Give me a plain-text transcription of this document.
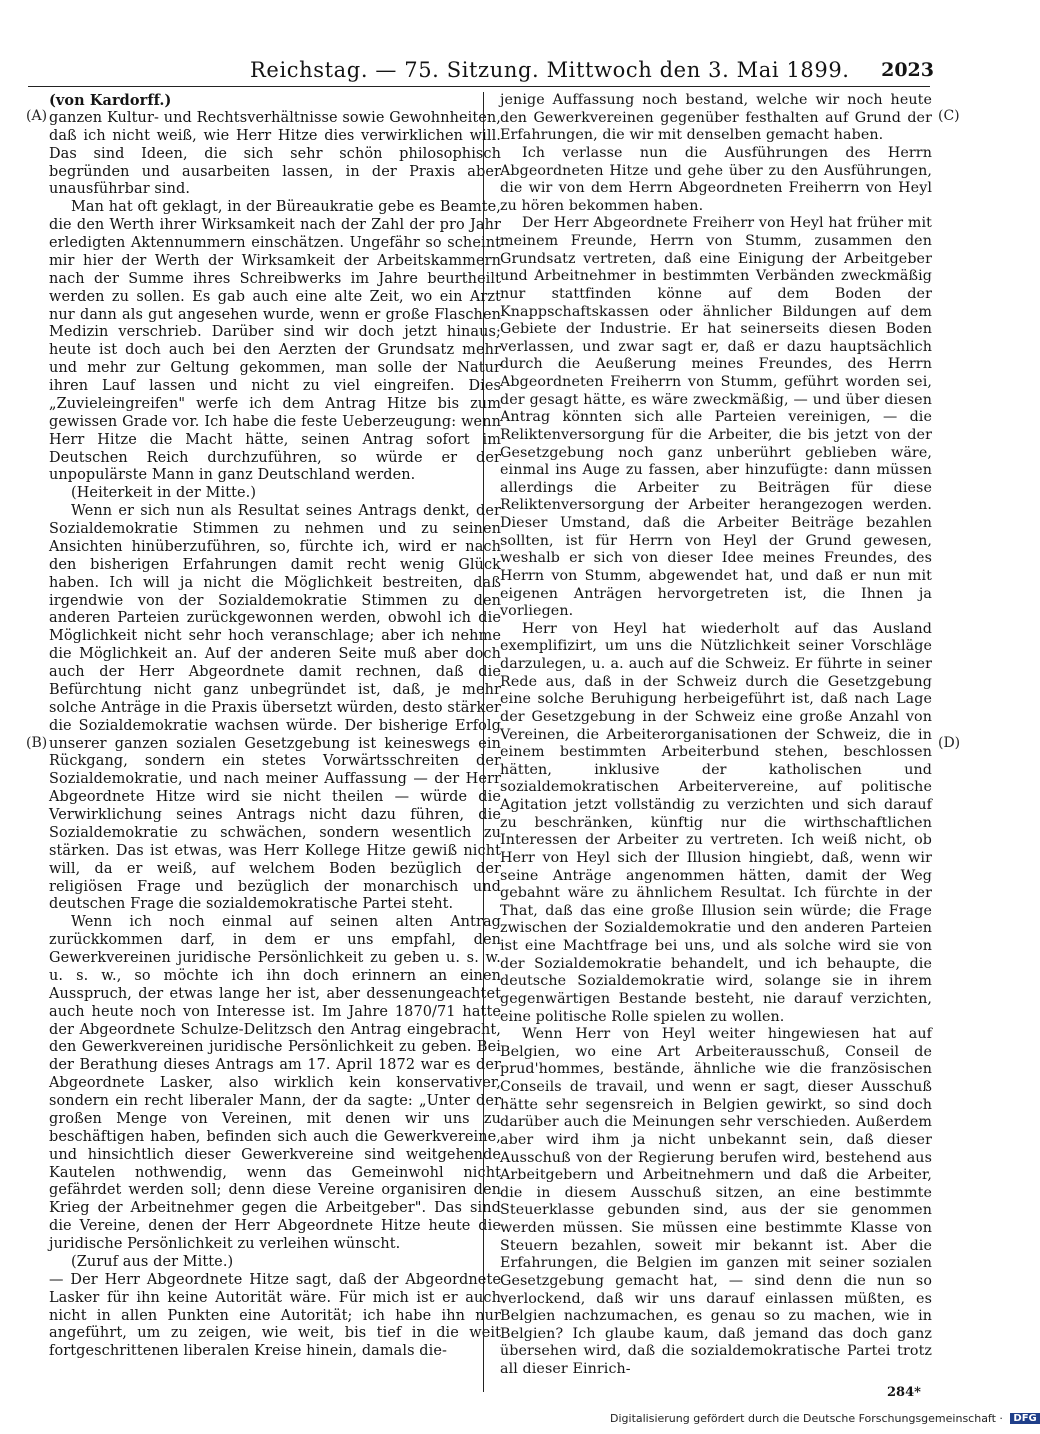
Reichstag. — 75. Sitzung. Mittwoch den 3. Mai 1899. 2023
(A)
(B)
(C)
(D)

(von Kardorff.)

ganzen Kultur- und Rechtsverhältnisse sowie Gewohnheiten, daß ich nicht weiß, wie Herr Hitze dies verwirklichen will. Das sind Ideen, die sich sehr schön philosophisch begründen und ausarbeiten lassen, in der Praxis aber unausführbar sind.

Man hat oft geklagt, in der Büreaukratie gebe es Beamte, die den Werth ihrer Wirksamkeit nach der Zahl der pro Jahr erledigten Aktennummern einschätzen. Ungefähr so scheint mir hier der Werth der Wirksamkeit der Arbeitskammern nach der Summe ihres Schreibwerks im Jahre beurtheilt werden zu sollen. Es gab auch eine alte Zeit, wo ein Arzt nur dann als gut angesehen wurde, wenn er große Flaschen Medizin verschrieb. Darüber sind wir doch jetzt hinaus; heute ist doch auch bei den Aerzten der Grundsatz mehr und mehr zur Geltung gekommen, man solle der Natur ihren Lauf lassen und nicht zu viel eingreifen. Dies „Zuvieleingreifen" werfe ich dem Antrag Hitze bis zum gewissen Grade vor. Ich habe die feste Ueberzeugung: wenn Herr Hitze die Macht hätte, seinen Antrag sofort im Deutschen Reich durchzuführen, so würde er der unpopulärste Mann in ganz Deutschland werden.

(Heiterkeit in der Mitte.)

Wenn er sich nun als Resultat seines Antrags denkt, der Sozialdemokratie Stimmen zu nehmen und zu seinen Ansichten hinüberzuführen, so, fürchte ich, wird er nach den bisherigen Erfahrungen damit recht wenig Glück haben. Ich will ja nicht die Möglichkeit bestreiten, daß irgendwie von der Sozialdemokratie Stimmen zu den anderen Parteien zurückgewonnen werden, obwohl ich die Möglichkeit nicht sehr hoch veranschlage; aber ich nehme die Möglichkeit an. Auf der anderen Seite muß aber doch auch der Herr Abgeordnete damit rechnen, daß die Befürchtung nicht ganz unbegründet ist, daß, je mehr solche Anträge in die Praxis übersetzt würden, desto stärker die Sozialdemokratie wachsen würde. Der bisherige Erfolg unserer ganzen sozialen Gesetzgebung ist keineswegs ein Rückgang, sondern ein stetes Vorwärtsschreiten der Sozialdemokratie, und nach meiner Auffassung — der Herr Abgeordnete Hitze wird sie nicht theilen — würde die Verwirklichung seines Antrags nicht dazu führen, die Sozialdemokratie zu schwächen, sondern wesentlich zu stärken. Das ist etwas, was Herr Kollege Hitze gewiß nicht will, da er weiß, auf welchem Boden bezüglich der religiösen Frage und bezüglich der monarchisch und deutschen Frage die sozialdemokratische Partei steht.

Wenn ich noch einmal auf seinen alten Antrag zurückkommen darf, in dem er uns empfahl, den Gewerkvereinen juridische Persönlichkeit zu geben u. s. w. u. s. w., so möchte ich ihn doch erinnern an einen Ausspruch, der etwas lange her ist, aber dessenungeachtet auch heute noch von Interesse ist. Im Jahre 1870/71 hatte der Abgeordnete Schulze-Delitzsch den Antrag eingebracht, den Gewerkvereinen juridische Persönlichkeit zu geben. Bei der Berathung dieses Antrags am 17. April 1872 war es der Abgeordnete Lasker, also wirklich kein konservativer, sondern ein recht liberaler Mann, der da sagte: „Unter der großen Menge von Vereinen, mit denen wir uns zu beschäftigen haben, befinden sich auch die Gewerkvereine, und hinsichtlich dieser Gewerkvereine sind weitgehende Kautelen nothwendig, wenn das Gemeinwohl nicht gefährdet werden soll; denn diese Vereine organisiren den Krieg der Arbeitnehmer gegen die Arbeitgeber". Das sind die Vereine, denen der Herr Abgeordnete Hitze heute die juridische Persönlichkeit zu verleihen wünscht.

(Zuruf aus der Mitte.)

— Der Herr Abgeordnete Hitze sagt, daß der Abgeordnete Lasker für ihn keine Autorität wäre. Für mich ist er auch nicht in allen Punkten eine Autorität; ich habe ihn nur angeführt, um zu zeigen, wie weit, bis tief in die weit fortgeschrittenen liberalen Kreise hinein, damals die-

jenige Auffassung noch bestand, welche wir noch heute den Gewerkvereinen gegenüber festhalten auf Grund der Erfahrungen, die wir mit denselben gemacht haben.

Ich verlasse nun die Ausführungen des Herrn Abgeordneten Hitze und gehe über zu den Ausführungen, die wir von dem Herrn Abgeordneten Freiherrn von Heyl zu hören bekommen haben.

Der Herr Abgeordnete Freiherr von Heyl hat früher mit meinem Freunde, Herrn von Stumm, zusammen den Grundsatz vertreten, daß eine Einigung der Arbeitgeber und Arbeitnehmer in bestimmten Verbänden zweckmäßig nur stattfinden könne auf dem Boden der Knappschaftskassen oder ähnlicher Bildungen auf dem Gebiete der Industrie. Er hat seinerseits diesen Boden verlassen, und zwar sagt er, daß er dazu hauptsächlich durch die Aeußerung meines Freundes, des Herrn Abgeordneten Freiherrn von Stumm, geführt worden sei, der gesagt hätte, es wäre zweckmäßig, — und über diesen Antrag könnten sich alle Parteien vereinigen, — die Reliktenversorgung für die Arbeiter, die bis jetzt von der Gesetzgebung noch ganz unberührt geblieben wäre, einmal ins Auge zu fassen, aber hinzufügte: dann müssen allerdings die Arbeiter zu Beiträgen für diese Reliktenversorgung der Arbeiter herangezogen werden. Dieser Umstand, daß die Arbeiter Beiträge bezahlen sollten, ist für Herrn von Heyl der Grund gewesen, weshalb er sich von dieser Idee meines Freundes, des Herrn von Stumm, abgewendet hat, und daß er nun mit eigenen Anträgen hervorgetreten ist, die Ihnen ja vorliegen.

Herr von Heyl hat wiederholt auf das Ausland exemplifizirt, um uns die Nützlichkeit seiner Vorschläge darzulegen, u. a. auch auf die Schweiz. Er führte in seiner Rede aus, daß in der Schweiz durch die Gesetzgebung eine solche Beruhigung herbeigeführt ist, daß nach Lage der Gesetzgebung in der Schweiz eine große Anzahl von Vereinen, die Arbeiterorganisationen der Schweiz, die in einem bestimmten Arbeiterbund stehen, beschlossen hätten, inklusive der katholischen und sozialdemokratischen Arbeitervereine, auf politische Agitation jetzt vollständig zu verzichten und sich darauf zu beschränken, künftig nur die wirthschaftlichen Interessen der Arbeiter zu vertreten. Ich weiß nicht, ob Herr von Heyl sich der Illusion hingiebt, daß, wenn wir seine Anträge angenommen hätten, damit der Weg gebahnt wäre zu ähnlichem Resultat. Ich fürchte in der That, daß das eine große Illusion sein würde; die Frage zwischen der Sozialdemokratie und den anderen Parteien ist eine Machtfrage bei uns, und als solche wird sie von der Sozialdemokratie behandelt, und ich behaupte, die deutsche Sozialdemokratie wird, solange sie in ihrem gegenwärtigen Bestande besteht, nie darauf verzichten, eine politische Rolle spielen zu wollen.

Wenn Herr von Heyl weiter hingewiesen hat auf Belgien, wo eine Art Arbeiterausschuß, Conseil de prud'hommes, bestände, ähnliche wie die französischen Conseils de travail, und wenn er sagt, dieser Ausschuß hätte sehr segensreich in Belgien gewirkt, so sind doch darüber auch die Meinungen sehr verschieden. Außerdem aber wird ihm ja nicht unbekannt sein, daß dieser Ausschuß von der Regierung berufen wird, bestehend aus Arbeitgebern und Arbeitnehmern und daß die Arbeiter, die in diesem Ausschuß sitzen, an eine bestimmte Steuerklasse gebunden sind, aus der sie genommen werden müssen. Sie müssen eine bestimmte Klasse von Steuern bezahlen, soweit mir bekannt ist. Aber die Erfahrungen, die Belgien im ganzen mit seiner sozialen Gesetzgebung gemacht hat, — sind denn die nun so verlockend, daß wir uns darauf einlassen müßten, es Belgien nachzumachen, es genau so zu machen, wie in Belgien? Ich glaube kaum, daß jemand das doch ganz übersehen wird, daß die sozialdemokratische Partei trotz all dieser Einrich-

284*
Digitalisierung gefördert durch die Deutsche Forschungsgemeinschaft · DFG
